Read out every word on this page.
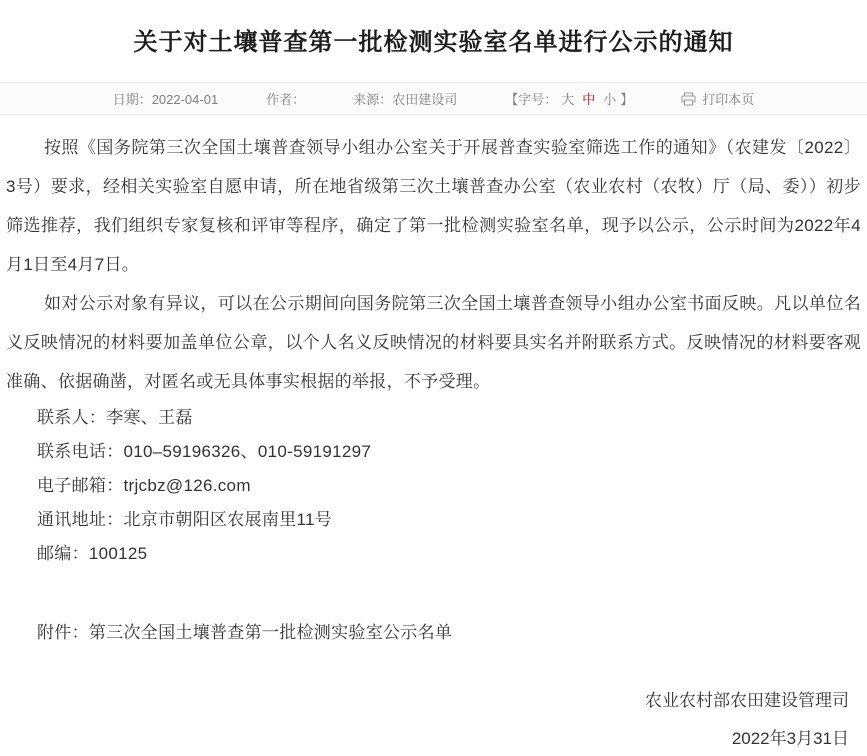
关于对土壤普查第一批检测实验室名单进行公示的通知
日期：2022-04-01	作者：	来源：农田建设司	【字号： 大 中 小 】	打印本页

按照《国务院第三次全国土壤普查领导小组办公室关于开展普查实验室筛选工作的通知》（农建发〔2022〕3号）要求，经相关实验室自愿申请，所在地省级第三次土壤普查办公室（农业农村（农牧）厅（局、委））初步筛选推荐，我们组织专家复核和评审等程序，确定了第一批检测实验室名单，现予以公示，公示时间为2022年4月1日至4月7日。

如对公示对象有异议，可以在公示期间向国务院第三次全国土壤普查领导小组办公室书面反映。凡以单位名义反映情况的材料要加盖单位公章，以个人名义反映情况的材料要具实名并附联系方式。反映情况的材料要客观准确、依据确凿，对匿名或无具体事实根据的举报，不予受理。

联系人：李寒、王磊

联系电话：010–59196326、010-59191297

电子邮箱：trjcbz@126.com

通讯地址：北京市朝阳区农展南里11号

邮编：100125

附件：第三次全国土壤普查第一批检测实验室公示名单

农业农村部农田建设管理司

2022年3月31日
